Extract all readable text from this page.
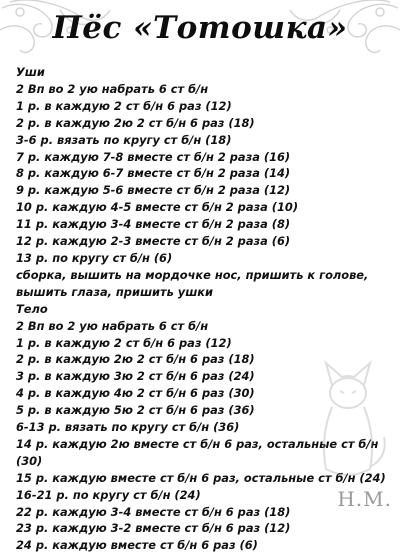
Пёс «Тотошка»
Уши
2 Вп во 2 ую набрать 6 ст б/н
1 р. в каждую 2 ст б/н 6 раз (12)
2 р. в каждую 2ю 2 ст б/н 6 раз (18)
3-6 р. вязать по кругу ст б/н (18)
7 р. каждую 7-8 вместе ст б/н 2 раза (16)
8 р. каждую 6-7 вместе ст б/н 2 раза (14)
9 р. каждую 5-6 вместе ст б/н 2 раза (12)
10 р. каждую 4-5 вместе ст б/н 2 раза (10)
11 р. каждую 3-4 вместе ст б/н 2 раза (8)
12 р. каждую 2-3 вместе ст б/н 2 раза (6)
13 р. по кругу ст б/н (6)
сборка, вышить на мордочке нос, пришить к голове, вышить глаза, пришить ушки
Тело
2 Вп во 2 ую набрать 6 ст б/н
1 р. в каждую 2 ст б/н 6 раз (12)
2 р. в каждую 2ю 2 ст б/н 6 раз (18)
3 р. в каждую 3ю 2 ст б/н 6 раз (24)
4 р. в каждую 4ю 2 ст б/н 6 раз (30)
5 р. в каждую 5ю 2 ст б/н 6 раз (36)
6-13 р. вязать по кругу ст б/н (36)
14 р. каждую 2ю вместе ст б/н 6 раз, остальные ст б/н (30)
15 р. каждую вместе ст б/н 6 раз, остальные ст б/н (24)
16-21 р. по кругу ст б/н (24)
22 р. каждую 3-4 вместе ст б/н 6 раз (18)
23 р. каждую 3-2 вместе ст б/н 6 раз (12)
24 р. каждую вместе ст б/н 6 раз (6)
Н.М.
